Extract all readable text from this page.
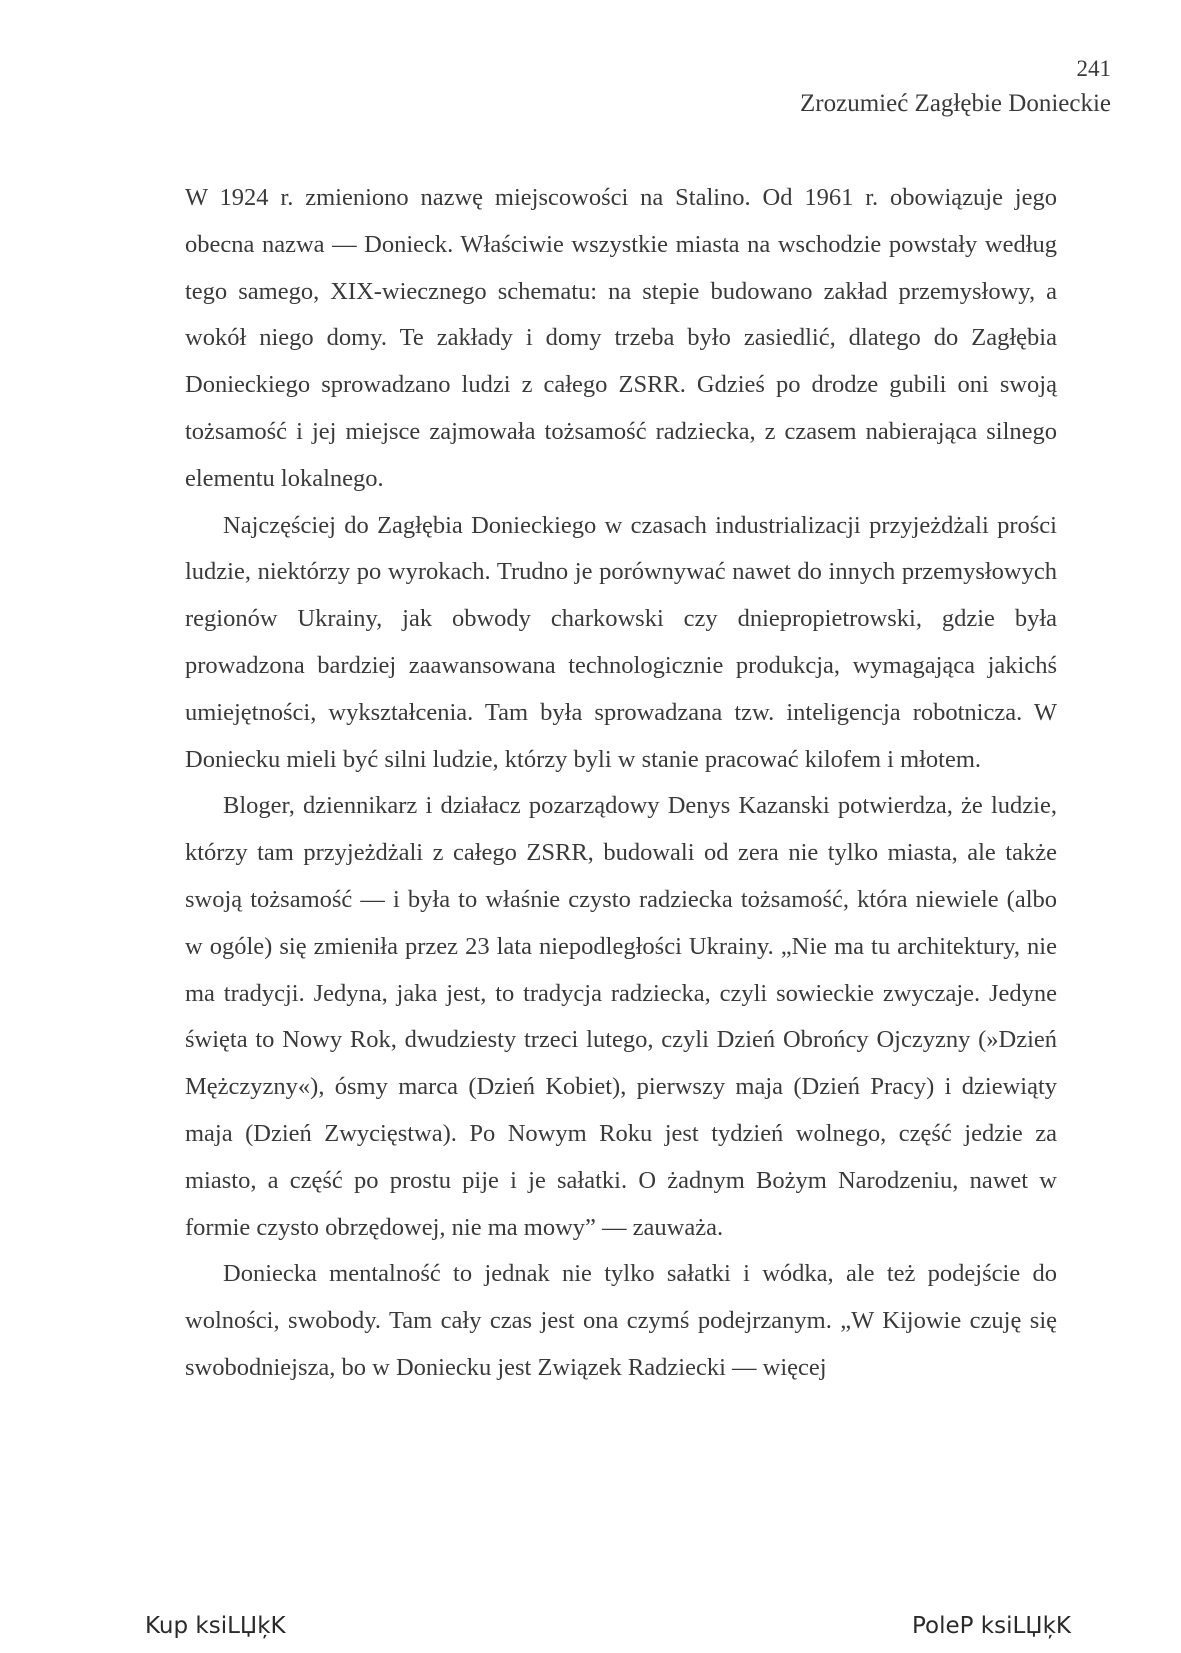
241
Zrozumieć Zagłębie Donieckie

W 1924 r. zmieniono nazwę miejscowości na Stalino. Od 1961 r. obowiązuje jego obecna nazwa — Donieck. Właściwie wszystkie miasta na wschodzie powstały według tego samego, XIX-wiecznego schematu: na stepie budowano zakład przemysłowy, a wokół niego domy. Te zakłady i domy trzeba było zasiedlić, dlatego do Zagłębia Donieckiego sprowadzano ludzi z całego ZSRR. Gdzieś po drodze gubili oni swoją tożsamość i jej miejsce zajmowała tożsamość radziecka, z czasem nabierająca silnego elementu lokalnego.

Najczęściej do Zagłębia Donieckiego w czasach industrializacji przyjeżdżali prości ludzie, niektórzy po wyrokach. Trudno je porównywać nawet do innych przemysłowych regionów Ukrainy, jak obwody charkowski czy dniepropietrowski, gdzie była prowadzona bardziej zaawansowana technologicznie produkcja, wymagająca jakichś umiejętności, wykształcenia. Tam była sprowadzana tzw. inteligencja robotnicza. W Doniecku mieli być silni ludzie, którzy byli w stanie pracować kilofem i młotem.

Bloger, dziennikarz i działacz pozarządowy Denys Kazanski potwierdza, że ludzie, którzy tam przyjeżdżali z całego ZSRR, budowali od zera nie tylko miasta, ale także swoją tożsamość — i była to właśnie czysto radziecka tożsamość, która niewiele (albo w ogóle) się zmieniła przez 23 lata niepodległości Ukrainy. „Nie ma tu architektury, nie ma tradycji. Jedyna, jaka jest, to tradycja radziecka, czyli sowieckie zwyczaje. Jedyne święta to Nowy Rok, dwudziesty trzeci lutego, czyli Dzień Obrońcy Ojczyzny (»Dzień Mężczyzny«), ósmy marca (Dzień Kobiet), pierwszy maja (Dzień Pracy) i dziewiąty maja (Dzień Zwycięstwa). Po Nowym Roku jest tydzień wolnego, część jedzie za miasto, a część po prostu pije i je sałatki. O żadnym Bożym Narodzeniu, nawet w formie czysto obrzędowej, nie ma mowy” — zauważa.

Doniecka mentalność to jednak nie tylko sałatki i wódka, ale też podejście do wolności, swobody. Tam cały czas jest ona czymś podejrzanym. „W Kijowie czuję się swobodniejsza, bo w Doniecku jest Związek Radziecki — więcej

Kup ksiLЏķK	PoleP ksiLЏķK
